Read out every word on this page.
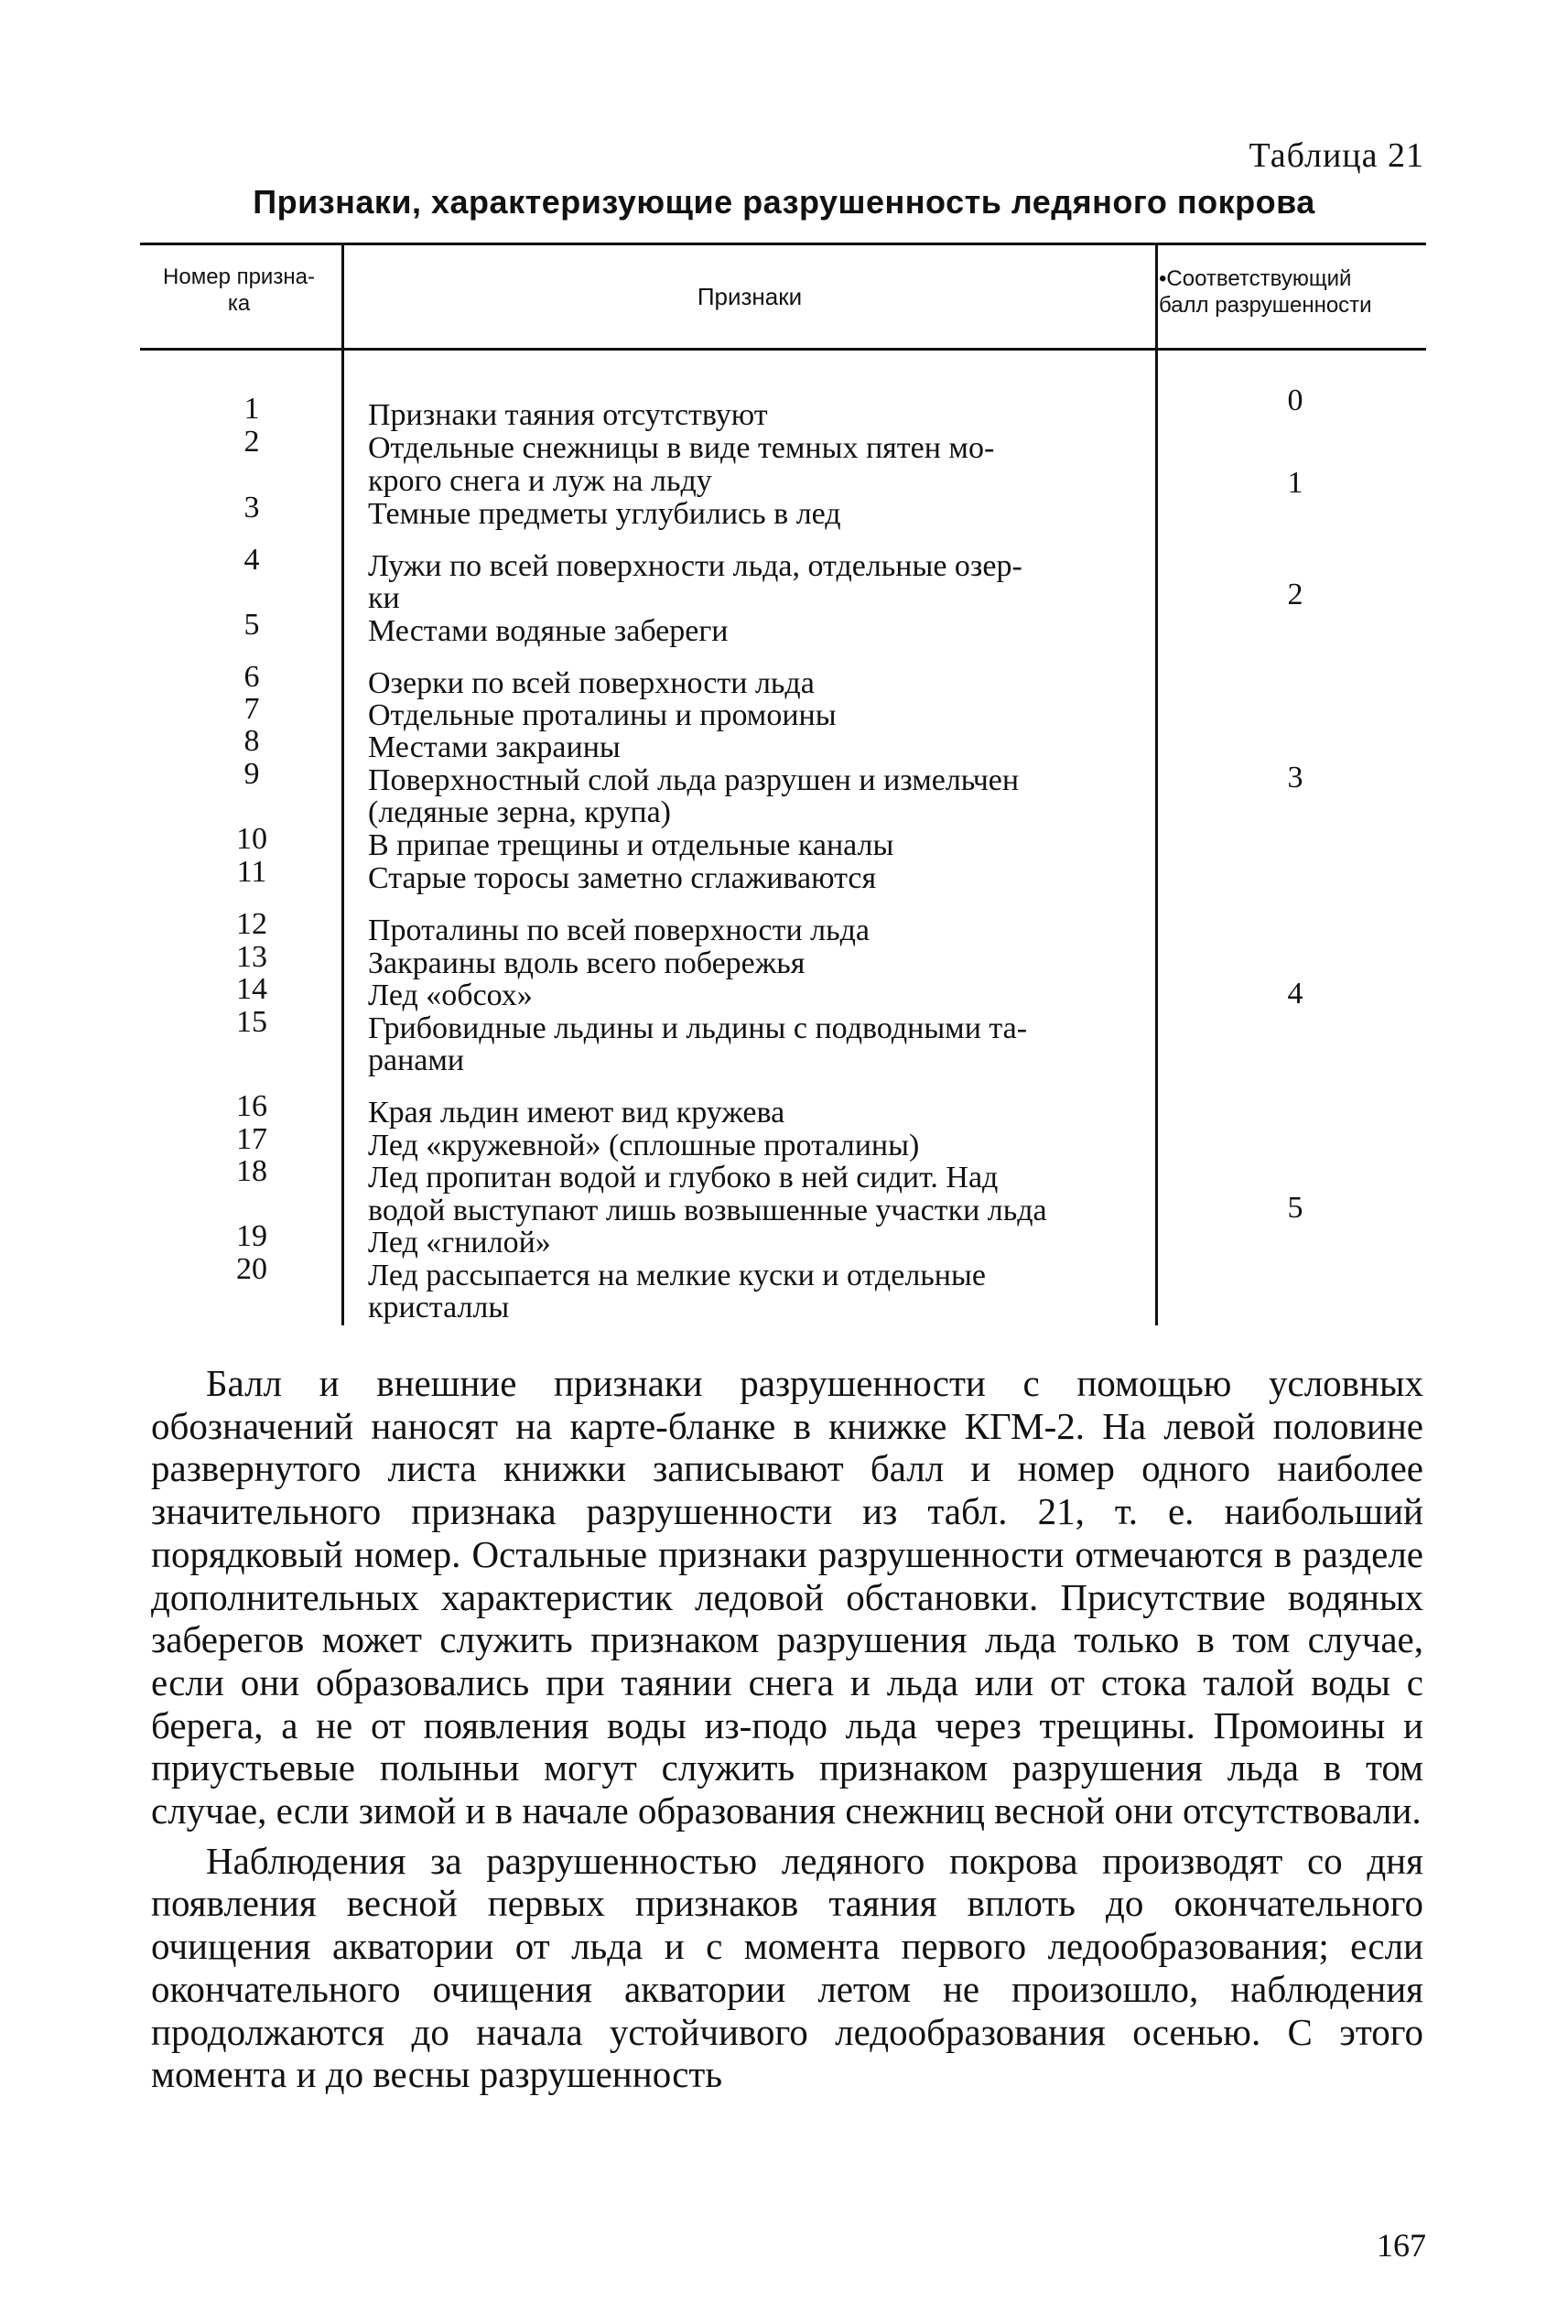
Таблица 21
Признаки, характеризующие разрушенность ледяного покрова
Номер призна-
ка	Признаки
•Соответствующий
балл разрушенности
1
2
3
4
5
6
7
8
9
10
11
12
13
14
15
16
17
18
19
20
Признаки таяния отсутствуют
Отдельные снежницы в виде темных пятен мо-
крого снега и луж на льду
Темные предметы углубились в лед
Лужи по всей поверхности льда, отдельные озер-
ки
Местами водяные забереги
Озерки по всей поверхности льда
Отдельные проталины и промоины
Местами закраины
Поверхностный слой льда разрушен и измельчен
(ледяные зерна, крупа)
В припае трещины и отдельные каналы
Старые торосы заметно сглаживаются
Проталины по всей поверхности льда
Закраины вдоль всего побережья
Лед «обсох»
Грибовидные льдины и льдины с подводными та-
ранами
Края льдин имеют вид кружева
Лед «кружевной» (сплошные проталины)
Лед пропитан водой и глубоко в ней сидит. Над
водой выступают лишь возвышенные участки льда
Лед «гнилой»
Лед рассыпается на мелкие куски и отдельные
кристаллы
0
1
2
3
4
5

Балл и внешние признаки разрушенности с помощью условных обозначений наносят на карте-бланке в книжке КГМ-2. На левой половине развернутого листа книжки записывают балл и номер одного наиболее значительного признака разрушенности из табл. 21, т. е. наибольший порядковый номер. Остальные признаки разрушенности отмечаются в разделе дополнительных характеристик ледовой обстановки. Присутствие водяных заберегов может служить признаком разрушения льда только в том случае, если они образовались при таянии снега и льда или от стока талой воды с берега, а не от появления воды из-подо льда через трещины. Промоины и приустьевые полыньи могут служить признаком разрушения льда в том случае, если зимой и в начале образования снежниц весной они отсутствовали.

Наблюдения за разрушенностью ледяного покрова производят со дня появления весной первых признаков таяния вплоть до окончательного очищения акватории от льда и с момента первого ледообразования; если окончательного очищения акватории летом не произошло, наблюдения продолжаются до начала устойчивого ледообразования осенью. С этого момента и до весны разрушенность

167
